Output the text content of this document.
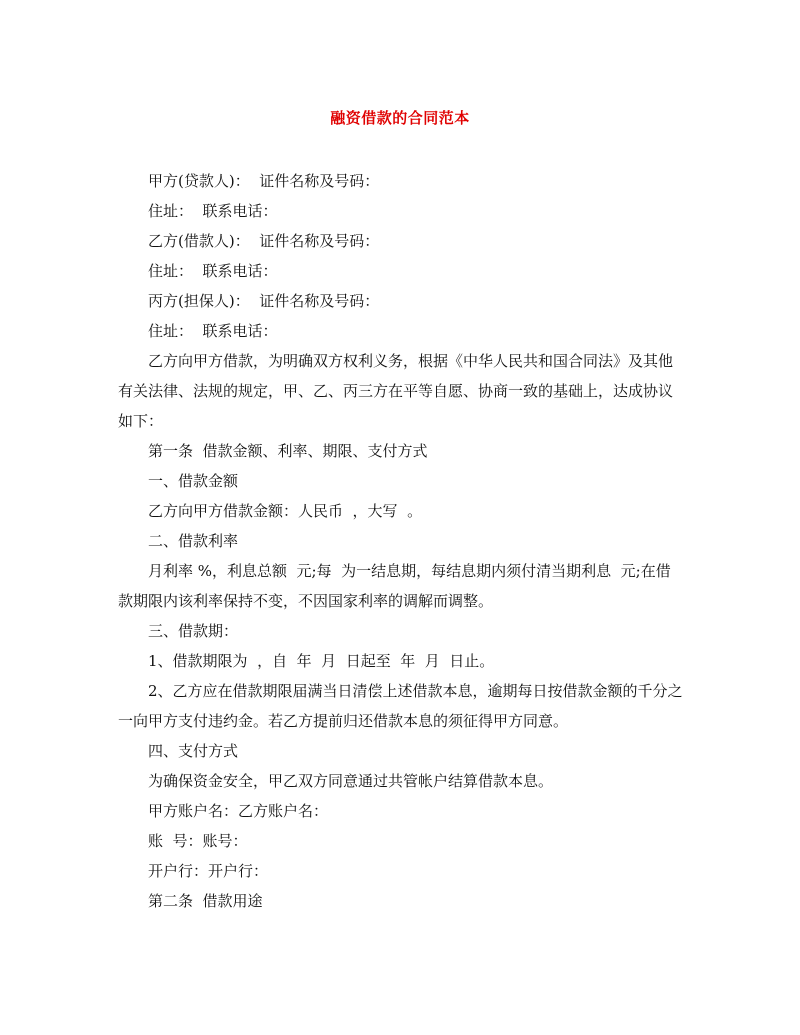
融资借款的合同范本

甲方(贷款人)：  证件名称及号码：

住址：  联系电话：

乙方(借款人)：  证件名称及号码：

住址：  联系电话：

丙方(担保人)：  证件名称及号码：

住址：  联系电话：

乙方向甲方借款，为明确双方权利义务，根据《中华人民共和国合同法》及其他有关法律、法规的规定，甲、乙、丙三方在平等自愿、协商一致的基础上，达成协议如下：

第一条  借款金额、利率、期限、支付方式

一、借款金额

乙方向甲方借款金额：人民币  ，大写  。

二、借款利率

月利率 %，利息总额  元;每  为一结息期，每结息期内须付清当期利息  元;在借款期限内该利率保持不变，不因国家利率的调解而调整。

三、借款期：

1、借款期限为  ，自  年  月  日起至  年  月  日止。

2、乙方应在借款期限届满当日清偿上述借款本息，逾期每日按借款金额的千分之一向甲方支付违约金。若乙方提前归还借款本息的须征得甲方同意。

四、支付方式

为确保资金安全，甲乙双方同意通过共管帐户结算借款本息。

甲方账户名：乙方账户名：

账  号：账号：

开户行：开户行：

第二条  借款用途
